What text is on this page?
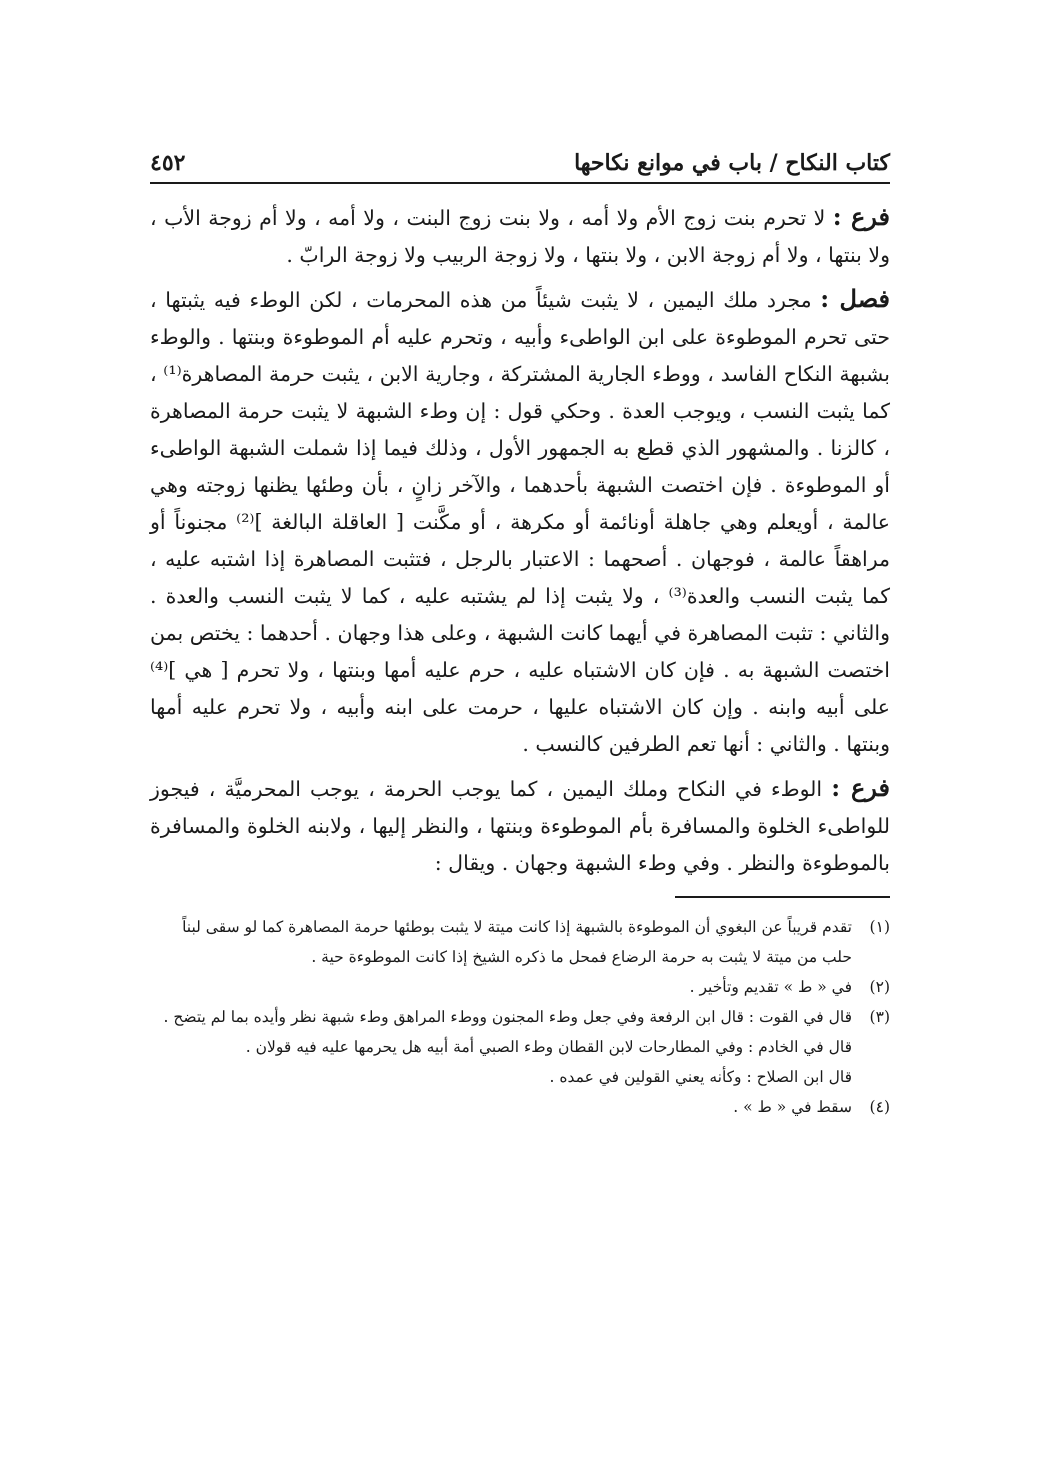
كتاب النكاح / باب في موانع نكاحها
٤٥٢

فرع : لا تحرم بنت زوج الأم ولا أمه ، ولا بنت زوج البنت ، ولا أمه ، ولا أم زوجة الأب ، ولا بنتها ، ولا أم زوجة الابن ، ولا بنتها ، ولا زوجة الربيب ولا زوجة الرابّ .

فصل : مجرد ملك اليمين ، لا يثبت شيئاً من هذه المحرمات ، لكن الوطء فيه يثبتها ، حتى تحرم الموطوءة على ابن الواطىء وأبيه ، وتحرم عليه أم الموطوءة وبنتها . والوطء بشبهة النكاح الفاسد ، ووطء الجارية المشتركة ، وجارية الابن ، يثبت حرمة المصاهرة⁽¹⁾ ، كما يثبت النسب ، ويوجب العدة . وحكي قول : إن وطء الشبهة لا يثبت حرمة المصاهرة ، كالزنا . والمشهور الذي قطع به الجمهور الأول ، وذلك فيما إذا شملت الشبهة الواطىء أو الموطوءة . فإن اختصت الشبهة بأحدهما ، والآخر زانٍ ، بأن وطئها يظنها زوجته وهي عالمة ، أويعلم وهي جاهلة أونائمة أو مكرهة ، أو مكَّنت [ العاقلة البالغة ]⁽²⁾ مجنوناً أو مراهقاً عالمة ، فوجهان . أصحهما : الاعتبار بالرجل ، فتثبت المصاهرة إذا اشتبه عليه ، كما يثبت النسب والعدة⁽³⁾ ، ولا يثبت إذا لم يشتبه عليه ، كما لا يثبت النسب والعدة . والثاني : تثبت المصاهرة في أيهما كانت الشبهة ، وعلى هذا وجهان . أحدهما : يختص بمن اختصت الشبهة به . فإن كان الاشتباه عليه ، حرم عليه أمها وبنتها ، ولا تحرم [ هي ]⁽⁴⁾ على أبيه وابنه . وإن كان الاشتباه عليها ، حرمت على ابنه وأبيه ، ولا تحرم عليه أمها وبنتها . والثاني : أنها تعم الطرفين كالنسب .

فرع : الوطء في النكاح وملك اليمين ، كما يوجب الحرمة ، يوجب المحرميَّة ، فيجوز للواطىء الخلوة والمسافرة بأم الموطوءة وبنتها ، والنظر إليها ، ولابنه الخلوة والمسافرة بالموطوءة والنظر . وفي وطء الشبهة وجهان . ويقال :

(١)

تقدم قريباً عن البغوي أن الموطوءة بالشبهة إذا كانت ميتة لا يثبت بوطئها حرمة المصاهرة كما لو سقى لبناً حلب من ميتة لا يثبت به حرمة الرضاع فمحل ما ذكره الشيخ إذا كانت الموطوءة حية .

(٢)

في « ط » تقديم وتأخير .

(٣)

قال في القوت : قال ابن الرفعة وفي جعل وطء المجنون ووطء المراهق وطء شبهة نظر وأيده بما لم يتضح .

قال في الخادم : وفي المطارحات لابن القطان وطء الصبي أمة أبيه هل يحرمها عليه فيه قولان .

قال ابن الصلاح : وكأنه يعني القولين في عمده .

(٤)

سقط في « ط » .
